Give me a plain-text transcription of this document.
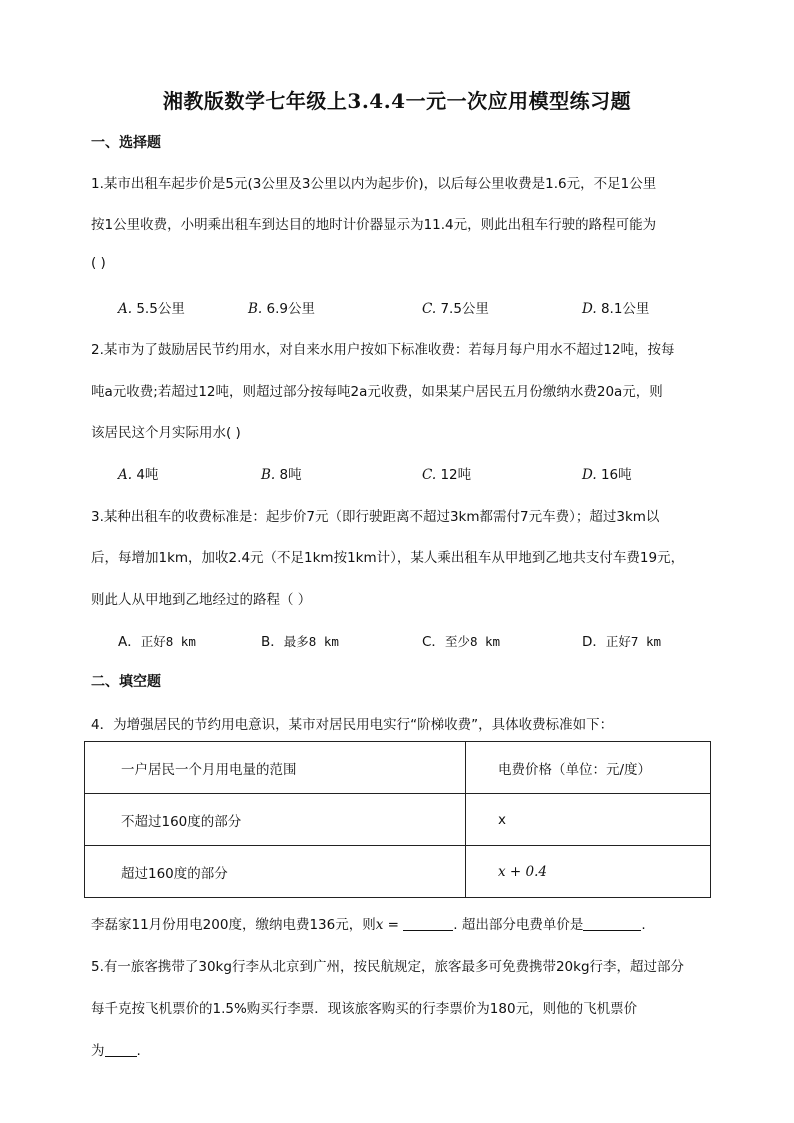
湘教版数学七年级上3.4.4一元一次应用模型练习题
一、选择题
1.某市出租车起步价是5元(3公里及3公里以内为起步价)，以后每公里收费是1.6元，不足1公里
按1公里收费，小明乘出租车到达目的地时计价器显示为11.4元，则此出租车行驶的路程可能为
( )
A. 5.5公里	B. 6.9公里	C. 7.5公里	D. 8.1公里
2.某市为了鼓励居民节约用水，对自来水用户按如下标准收费：若每月每户用水不超过12吨，按每
吨a元收费;若超过12吨，则超过部分按每吨2a元收费，如果某户居民五月份缴纳水费20a元，则
该居民这个月实际用水( )
A. 4吨	B. 8吨	C. 12吨	D. 16吨
3.某种出租车的收费标准是：起步价7元（即行驶距离不超过3km都需付7元车费）；超过3km以
后，每增加1km，加收2.4元（不足1km按1km计），某人乘出租车从甲地到乙地共支付车费19元，
则此人从甲地到乙地经过的路程（ ）
A．正好8 km	B．最多8 km	C．至少8 km	D．正好7 km
二、填空题
4．为增强居民的节约用电意识，某市对居民用电实行“阶梯收费”，具体收费标准如下：
一户居民一个月用电量的范围	电费价格（单位：元/度）
不超过160度的部分	x
超过160度的部分	x + 0.4
李磊家11月份用电200度，缴纳电费136元，则x =	. 超出部分电费单价是	.
5.有一旅客携带了30kg行李从北京到广州，按民航规定，旅客最多可免费携带20kg行李，超过部分
每千克按飞机票价的1.5%购买行李票．现该旅客购买的行李票价为180元，则他的飞机票价
为 .
